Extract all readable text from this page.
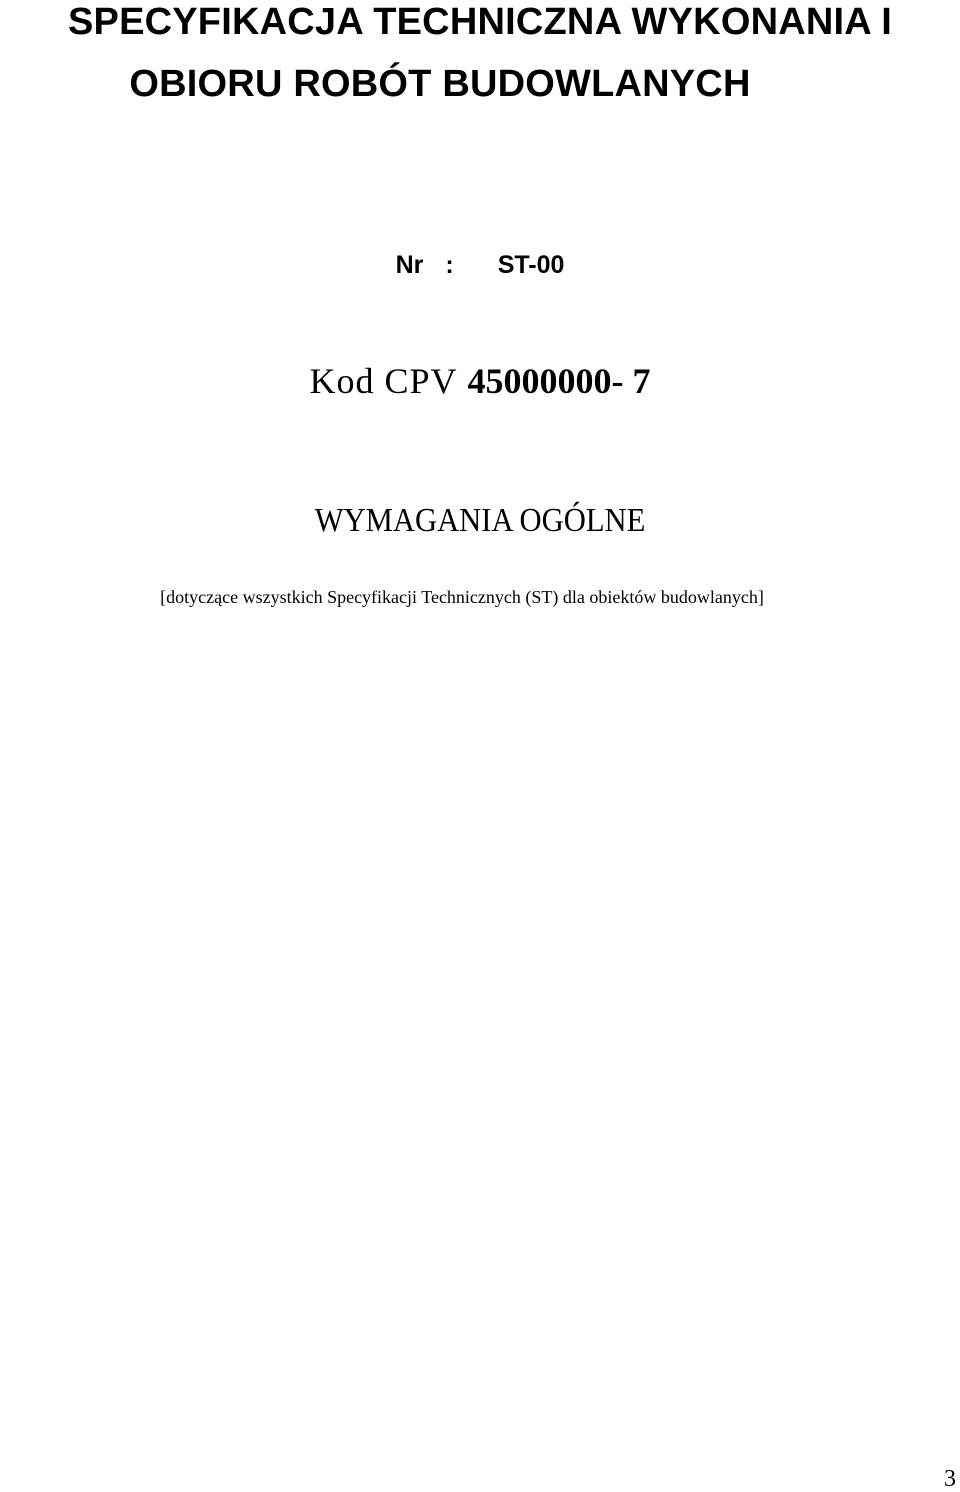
SPECYFIKACJA TECHNICZNA WYKONANIA I
OBIORU ROBÓT BUDOWLANYCH
Nr : ST-00
Kod CPV 45000000- 7
WYMAGANIA OGÓLNE
[dotyczące wszystkich Specyfikacji Technicznych (ST) dla obiektów budowlanych]
3
